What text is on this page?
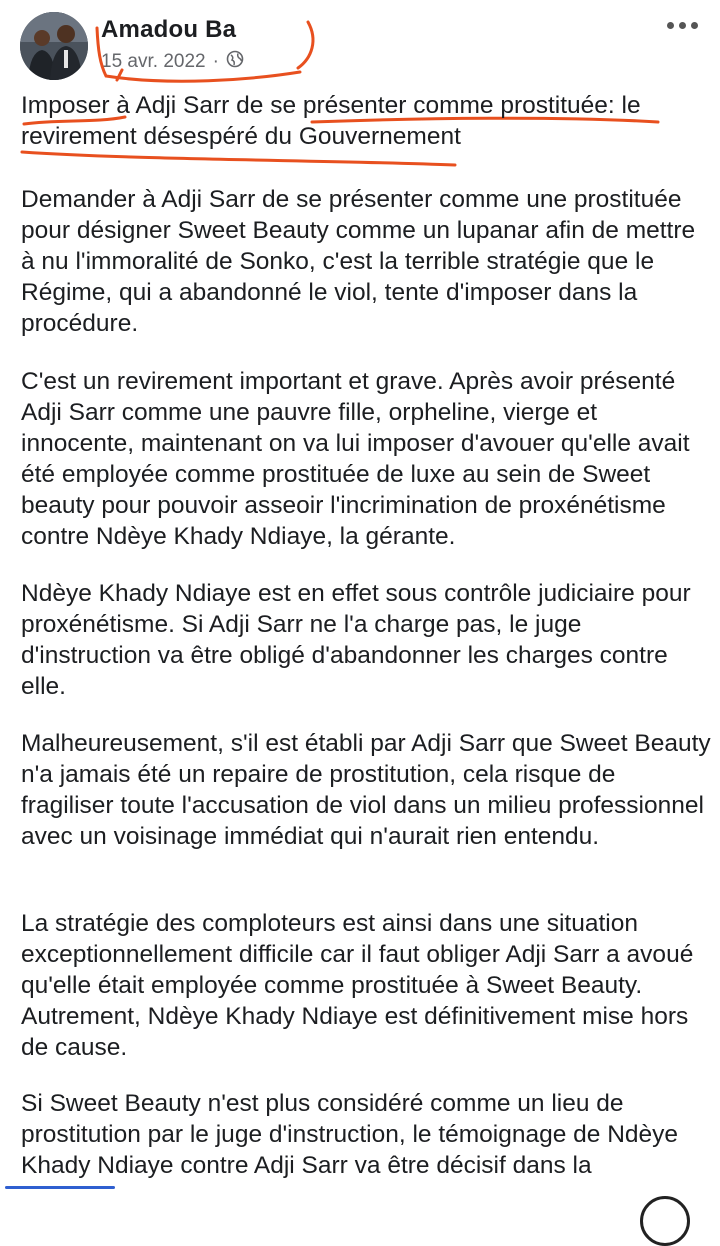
Amadou Ba
15 avr. 2022 ·

Imposer à Adji Sarr de se présenter comme prostituée: le revirement désespéré du Gouvernement

Demander à Adji Sarr de se présenter comme une prostituée pour désigner Sweet Beauty comme un lupanar afin de mettre à nu l'immoralité de Sonko, c'est la terrible stratégie que le Régime, qui a abandonné le viol, tente d'imposer dans la procédure.

C'est un revirement important et grave. Après avoir présenté Adji Sarr comme une pauvre fille, orpheline, vierge et innocente, maintenant on va lui imposer d'avouer qu'elle avait été employée comme prostituée de luxe au sein de Sweet beauty pour pouvoir asseoir l'incrimination de proxénétisme contre Ndèye Khady Ndiaye, la gérante.

Ndèye Khady Ndiaye est en effet sous contrôle judiciaire pour proxénétisme. Si Adji Sarr ne l'a charge pas, le juge d'instruction va être obligé d'abandonner les charges contre elle.

Malheureusement, s'il est établi par Adji Sarr que Sweet Beauty n'a jamais été un repaire de prostitution, cela risque de fragiliser toute l'accusation de viol dans un milieu professionnel avec un voisinage immédiat qui n'aurait rien entendu.

La stratégie des comploteurs est ainsi dans une situation exceptionnellement difficile car il faut obliger Adji Sarr a avoué qu'elle était employée comme prostituée à Sweet Beauty. Autrement, Ndèye Khady Ndiaye est définitivement mise hors de cause.

Si Sweet Beauty n'est plus considéré comme un lieu de prostitution par le juge d'instruction, le témoignage de Ndèye Khady Ndiaye contre Adji Sarr va être décisif dans la
